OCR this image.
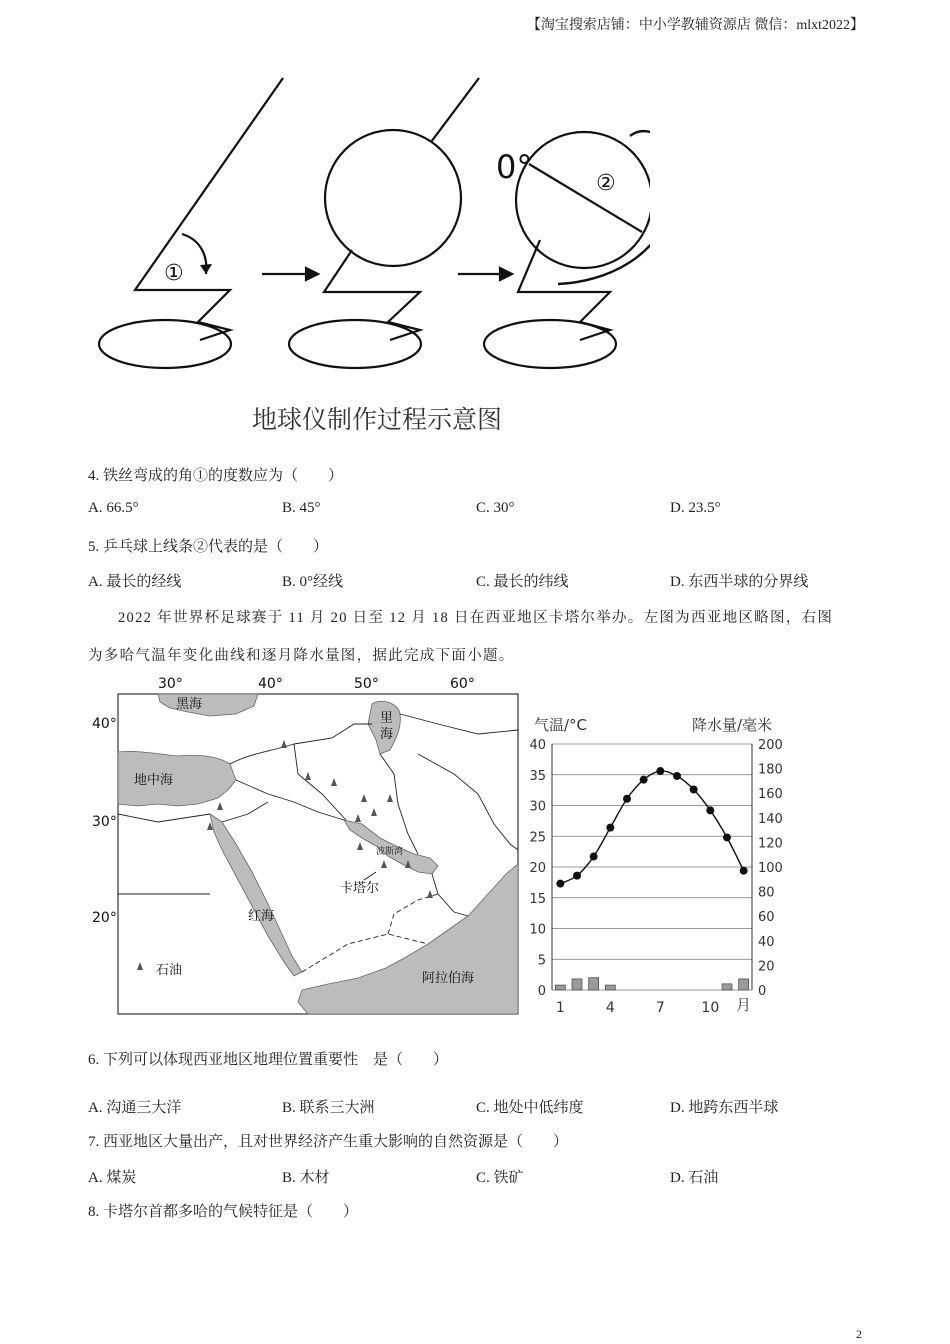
【淘宝搜索店铺：中小学教辅资源店 微信：mlxt2022】
①
②
0°
地球仪制作过程示意图
4. 铁丝弯成的角①的度数应为（　　）
A. 66.5°	B. 45°	C. 30°	D. 23.5°
5. 乒乓球上线条②代表的是（　　）
A. 最长的经线	B. 0°经线	C. 最长的纬线	D. 东西半球的分界线
2022 年世界杯足球赛于 11 月 20 日至 12 月 18 日在西亚地区卡塔尔举办。左图为西亚地区略图，右图
为多哈气温年变化曲线和逐月降水量图，据此完成下面小题。
30°	40°	50°	60°
40°
30°
20°
黑海
里
海
地中海
波斯湾
卡塔尔
红海
阿拉伯海
石油
气温/°C	降水量/毫米
月
0
5
10
15
20
25
30
35
40
0
20
40
60
80
100
120
140
160
180
200
1	4	7	10
6. 下列可以体现西亚地区地理位置重要性　是（　　）
A. 沟通三大洋	B. 联系三大洲	C. 地处中低纬度	D. 地跨东西半球
7. 西亚地区大量出产，且对世界经济产生重大影响的自然资源是（　　）
A. 煤炭	B. 木材	C. 铁矿	D. 石油
8. 卡塔尔首都多哈的气候特征是（　　）
2
